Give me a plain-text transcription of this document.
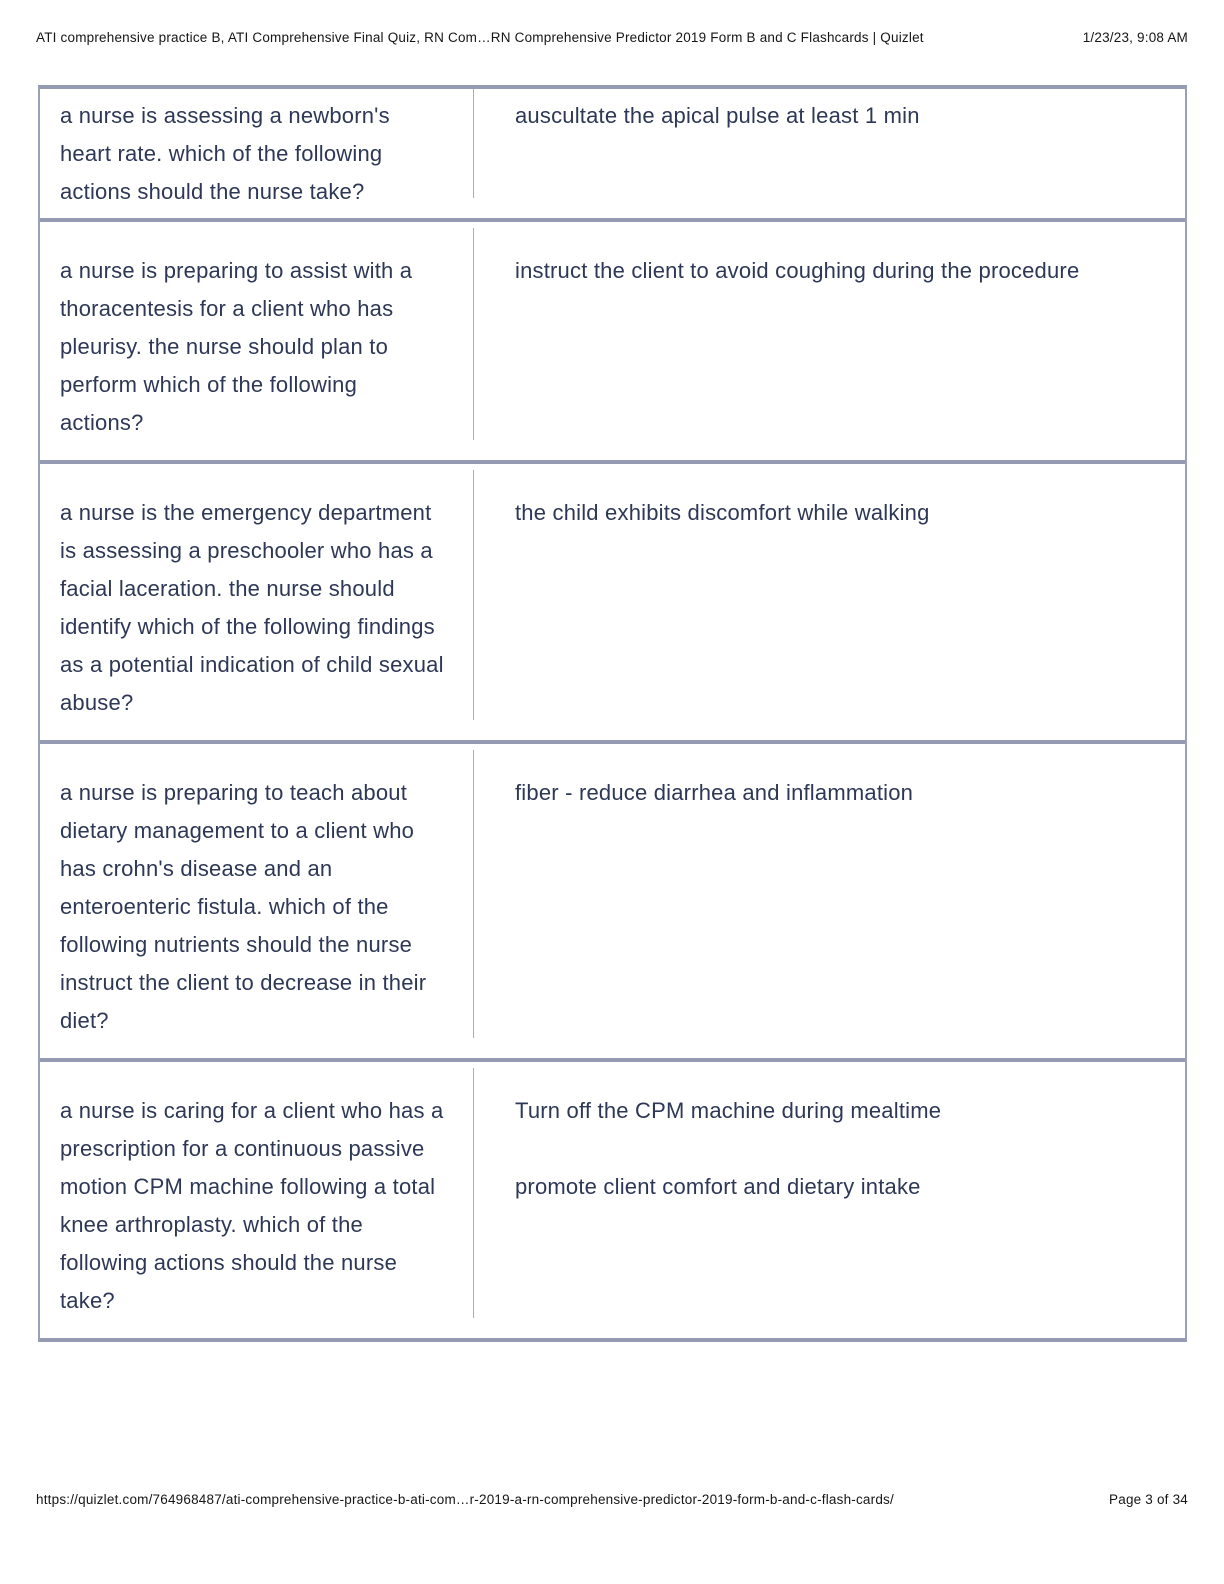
ATI comprehensive practice B, ATI Comprehensive Final Quiz, RN Com…RN Comprehensive Predictor 2019 Form B and C Flashcards | Quizlet	1/23/23, 9:08 AM

a nurse is assessing a newborn's heart rate. which of the following actions should the nurse take?

auscultate the apical pulse at least 1 min

a nurse is preparing to assist with a thoracentesis for a client who has pleurisy. the nurse should plan to perform which of the following actions?

instruct the client to avoid coughing during the procedure

a nurse is the emergency department is assessing a preschooler who has a facial laceration. the nurse should identify which of the following findings as a potential indication of child sexual abuse?

the child exhibits discomfort while walking

a nurse is preparing to teach about dietary management to a client who has crohn's disease and an enteroenteric fistula. which of the following nutrients should the nurse instruct the client to decrease in their diet?

fiber - reduce diarrhea and inflammation

a nurse is caring for a client who has a prescription for a continuous passive motion CPM machine following a total knee arthroplasty. which of the following actions should the nurse take?

Turn off the CPM machine during mealtime

promote client comfort and dietary intake

https://quizlet.com/764968487/ati-comprehensive-practice-b-ati-com…r-2019-a-rn-comprehensive-predictor-2019-form-b-and-c-flash-cards/	Page 3 of 34
